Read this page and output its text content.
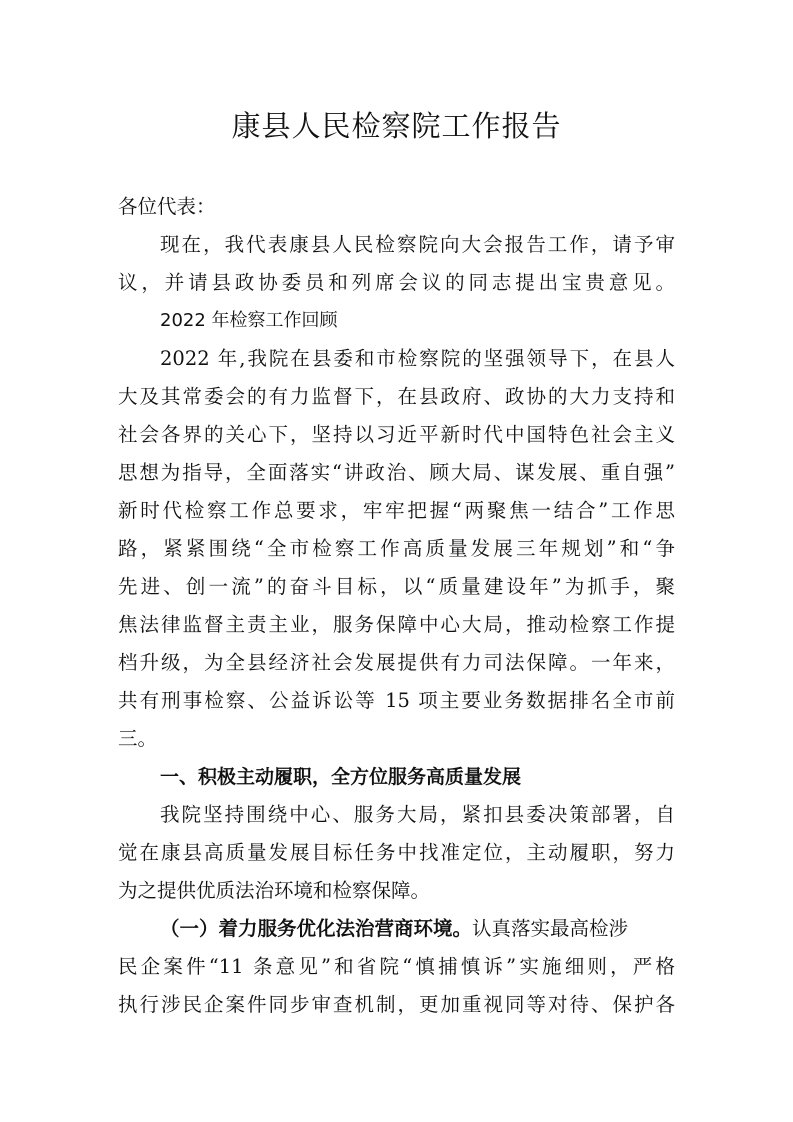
康县人民检察院工作报告
各位代表：
现在，我代表康县人民检察院向大会报告工作，请予审
议，并请县政协委员和列席会议的同志提出宝贵意见。
2022 年检察工作回顾
2022 年,我院在县委和市检察院的坚强领导下，在县人
大及其常委会的有力监督下，在县政府、政协的大力支持和
社会各界的关心下，坚持以习近平新时代中国特色社会主义
思想为指导，全面落实“讲政治、顾大局、谋发展、重自强”
新时代检察工作总要求，牢牢把握“两聚焦一结合”工作思
路，紧紧围绕“全市检察工作高质量发展三年规划”和“争
先进、创一流”的奋斗目标，以“质量建设年”为抓手，聚
焦法律监督主责主业，服务保障中心大局，推动检察工作提
档升级，为全县经济社会发展提供有力司法保障。一年来，
共有刑事检察、公益诉讼等 15 项主要业务数据排名全市前
三。
一、积极主动履职，全方位服务高质量发展
我院坚持围绕中心、服务大局，紧扣县委决策部署，自
觉在康县高质量发展目标任务中找准定位，主动履职，努力
为之提供优质法治环境和检察保障。
（一）着力服务优化法治营商环境。认真落实最高检涉
民企案件“11 条意见”和省院“慎捕慎诉”实施细则，严格
执行涉民企案件同步审查机制，更加重视同等对待、保护各
